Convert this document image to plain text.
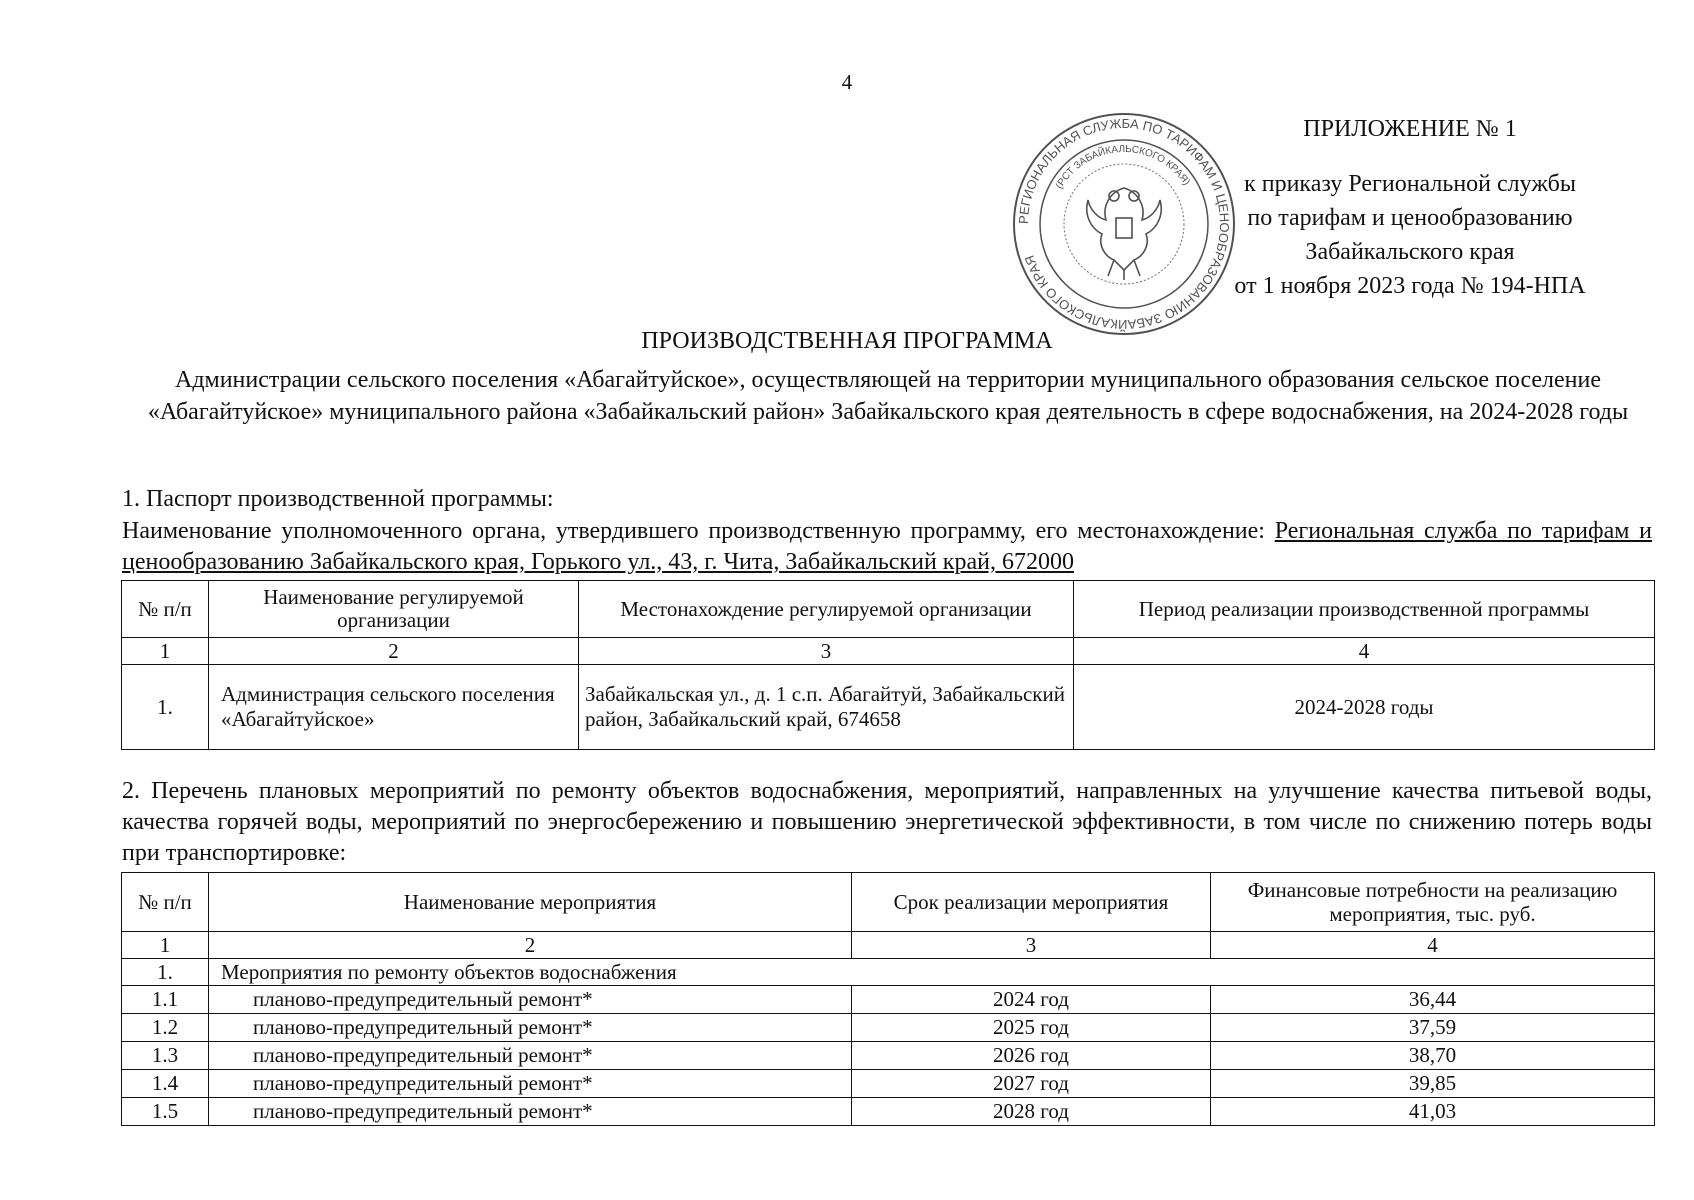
4
РЕГИОНАЛЬНАЯ СЛУЖБА ПО ТАРИФАМ И ЦЕНООБРАЗОВАНИЮ ЗАБАЙКАЛЬСКОГО КРАЯ
(РСТ ЗАБАЙКАЛЬСКОГО КРАЯ)
ПРИЛОЖЕНИЕ № 1
к приказу Региональной службы
по тарифам и ценообразованию
Забайкальского края
от 1 ноября 2023 года № 194-НПА
ПРОИЗВОДСТВЕННАЯ ПРОГРАММА
Администрации сельского поселения «Абагайтуйское», осуществляющей на территории муниципального образования сельское поселение «Абагайтуйское» муниципального района «Забайкальский район» Забайкальского края деятельность в сфере водоснабжения, на 2024-2028 годы
1. Паспорт производственной программы:
Наименование уполномоченного органа, утвердившего производственную программу, его местонахождение: Региональная служба по тарифам и ценообразованию Забайкальского края, Горького ул., 43, г. Чита, Забайкальский край, 672000
№ п/п	Наименование регулируемой организации	Местонахождение регулируемой организации	Период реализации производственной программы
1	2	3	4
1.	Администрация сельского поселения «Абагайтуйское»	Забайкальская ул., д. 1 с.п. Абагайтуй, Забайкальский район, Забайкальский край, 674658	2024-2028 годы
2. Перечень плановых мероприятий по ремонту объектов водоснабжения, мероприятий, направленных на улучшение качества питьевой воды, качества горячей воды, мероприятий по энергосбережению и повышению энергетической эффективности, в том числе по снижению потерь воды при транспортировке:
№ п/п	Наименование мероприятия	Срок реализации мероприятия	Финансовые потребности на реализацию мероприятия, тыс. руб.
1	2	3	4
1.	Мероприятия по ремонту объектов водоснабжения		
1.1	планово-предупредительный ремонт*	2024 год	36,44
1.2	планово-предупредительный ремонт*	2025 год	37,59
1.3	планово-предупредительный ремонт*	2026 год	38,70
1.4	планово-предупредительный ремонт*	2027 год	39,85
1.5	планово-предупредительный ремонт*	2028 год	41,03
